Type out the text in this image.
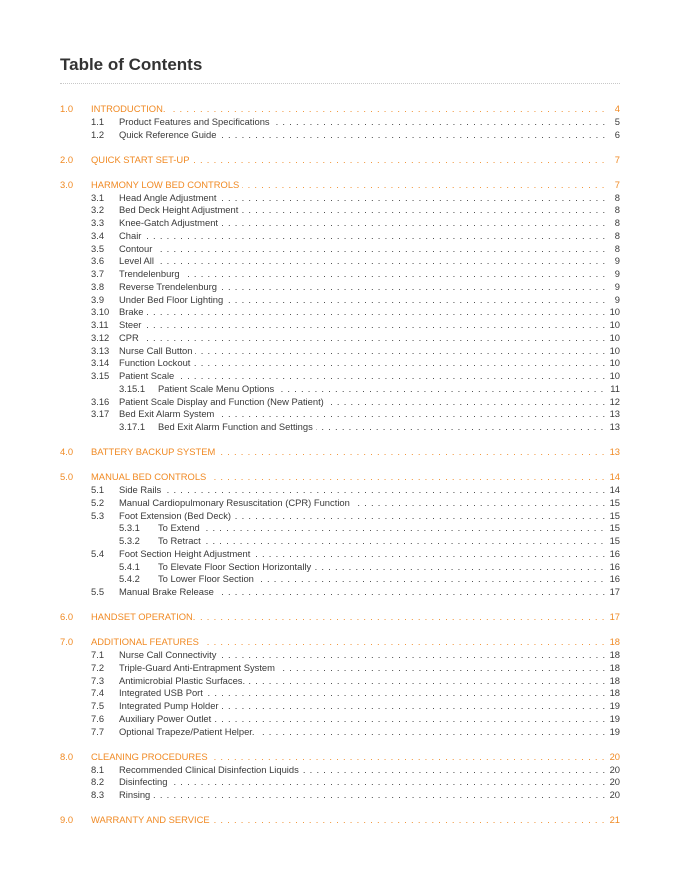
Table of Contents
1.0 INTRODUCTION. . . .	4
1.1 Product Features and Specifications . . .	5
1.2 Quick Reference Guide . . .	6
2.0 QUICK START SET-UP . . .	7
3.0 HARMONY LOW BED CONTROLS . . .	7
3.1 Head Angle Adjustment . . .	8
3.2 Bed Deck Height Adjustment . . .	8
3.3 Knee-Gatch Adjustment . . .	8
3.4 Chair . . .	8
3.5 Contour . . .	8
3.6 Level All . . .	9
3.7 Trendelenburg . . .	9
3.8 Reverse Trendelenburg . . .	9
3.9 Under Bed Floor Lighting . . .	9
3.10 Brake . . .	10
3.11 Steer . . .	10
3.12 CPR . . .	10
3.13 Nurse Call Button . . .	10
3.14 Function Lockout . . .	10
3.15 Patient Scale . . .	10
3.15.1 Patient Scale Menu Options . . .	11
3.16 Patient Scale Display and Function (New Patient) . . .	12
3.17 Bed Exit Alarm System . . .	13
3.17.1 Bed Exit Alarm Function and Settings . . .	13
4.0 BATTERY BACKUP SYSTEM . . .	13
5.0 MANUAL BED CONTROLS . . .	14
5.1 Side Rails . . .	14
5.2 Manual Cardiopulmonary Resuscitation (CPR) Function . . .	15
5.3 Foot Extension (Bed Deck) . . .	15
5.3.1 To Extend . . .	15
5.3.2 To Retract . . .	15
5.4 Foot Section Height Adjustment . . .	16
5.4.1 To Elevate Floor Section Horizontally . . .	16
5.4.2 To Lower Floor Section . . .	16
5.5 Manual Brake Release . . .	17
6.0 HANDSET OPERATION. . . .	17
7.0 ADDITIONAL FEATURES . . .	18
7.1 Nurse Call Connectivity . . .	18
7.2 Triple-Guard Anti-Entrapment System . . .	18
7.3 Antimicrobial Plastic Surfaces. . . .	18
7.4 Integrated USB Port . . .	18
7.5 Integrated Pump Holder . . .	19
7.6 Auxiliary Power Outlet . . .	19
7.7 Optional Trapeze/Patient Helper. . . .	19
8.0 CLEANING PROCEDURES . . .	20
8.1 Recommended Clinical Disinfection Liquids . . .	20
8.2 Disinfecting . . .	20
8.3 Rinsing . . .	20
9.0 WARRANTY AND SERVICE . . .	21
